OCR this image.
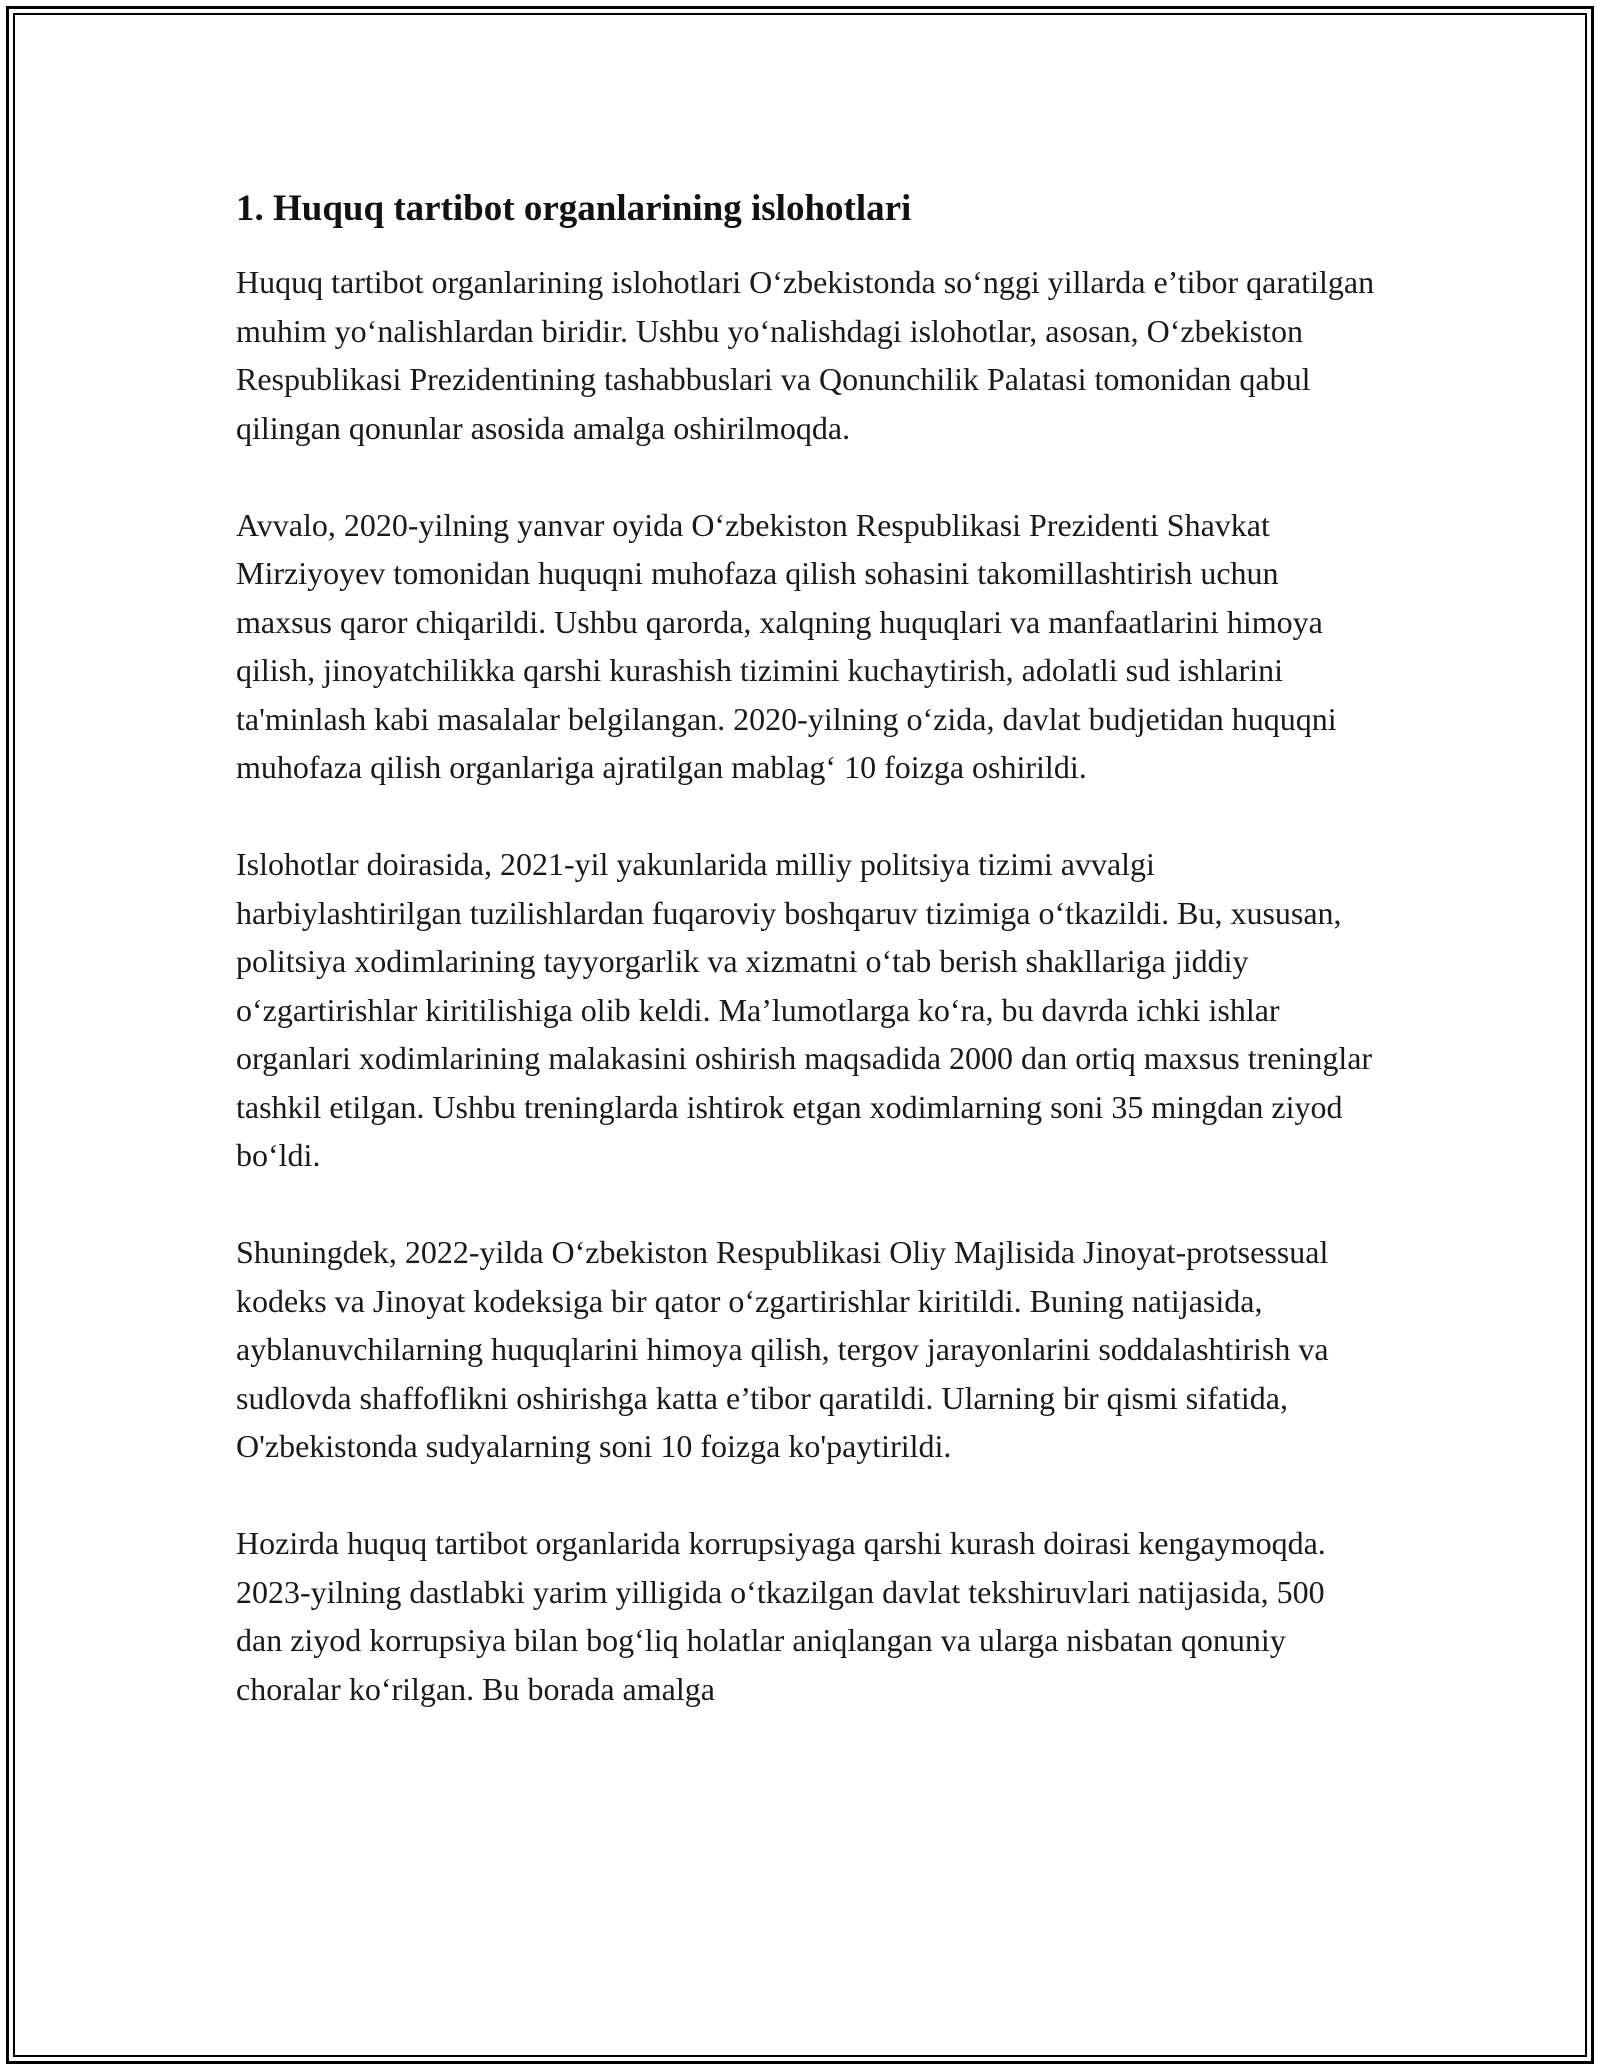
1. Huquq tartibot organlarining islohotlari

Huquq tartibot organlarining islohotlari O‘zbekistonda so‘nggi yillarda e’tibor qaratilgan muhim yo‘nalishlardan biridir. Ushbu yo‘nalishdagi islohotlar, asosan, O‘zbekiston Respublikasi Prezidentining tashabbuslari va Qonunchilik Palatasi tomonidan qabul qilingan qonunlar asosida amalga oshirilmoqda.

Avvalo, 2020-yilning yanvar oyida O‘zbekiston Respublikasi Prezidenti Shavkat Mirziyoyev tomonidan huquqni muhofaza qilish sohasini takomillashtirish uchun maxsus qaror chiqarildi. Ushbu qarorda, xalqning huquqlari va manfaatlarini himoya qilish, jinoyatchilikka qarshi kurashish tizimini kuchaytirish, adolatli sud ishlarini ta'minlash kabi masalalar belgilangan. 2020-yilning o‘zida, davlat budjetidan huquqni muhofaza qilish organlariga ajratilgan mablag‘ 10 foizga oshirildi.

Islohotlar doirasida, 2021-yil yakunlarida milliy politsiya tizimi avvalgi harbiylashtirilgan tuzilishlardan fuqaroviy boshqaruv tizimiga o‘tkazildi. Bu, xususan, politsiya xodimlarining tayyorgarlik va xizmatni o‘tab berish shakllariga jiddiy o‘zgartirishlar kiritilishiga olib keldi. Ma’lumotlarga ko‘ra, bu davrda ichki ishlar organlari xodimlarining malakasini oshirish maqsadida 2000 dan ortiq maxsus treninglar tashkil etilgan. Ushbu treninglarda ishtirok etgan xodimlarning soni 35 mingdan ziyod bo‘ldi.

Shuningdek, 2022-yilda O‘zbekiston Respublikasi Oliy Majlisida Jinoyat-protsessual kodeks va Jinoyat kodeksiga bir qator o‘zgartirishlar kiritildi. Buning natijasida, ayblanuvchilarning huquqlarini himoya qilish, tergov jarayonlarini soddalashtirish va sudlovda shaffoflikni oshirishga katta e’tibor qaratildi. Ularning bir qismi sifatida, O'zbekistonda sudyalarning soni 10 foizga ko'paytirildi.

Hozirda huquq tartibot organlarida korrupsiyaga qarshi kurash doirasi kengaymoqda. 2023-yilning dastlabki yarim yilligida o‘tkazilgan davlat tekshiruvlari natijasida, 500 dan ziyod korrupsiya bilan bog‘liq holatlar aniqlangan va ularga nisbatan qonuniy choralar ko‘rilgan. Bu borada amalga
